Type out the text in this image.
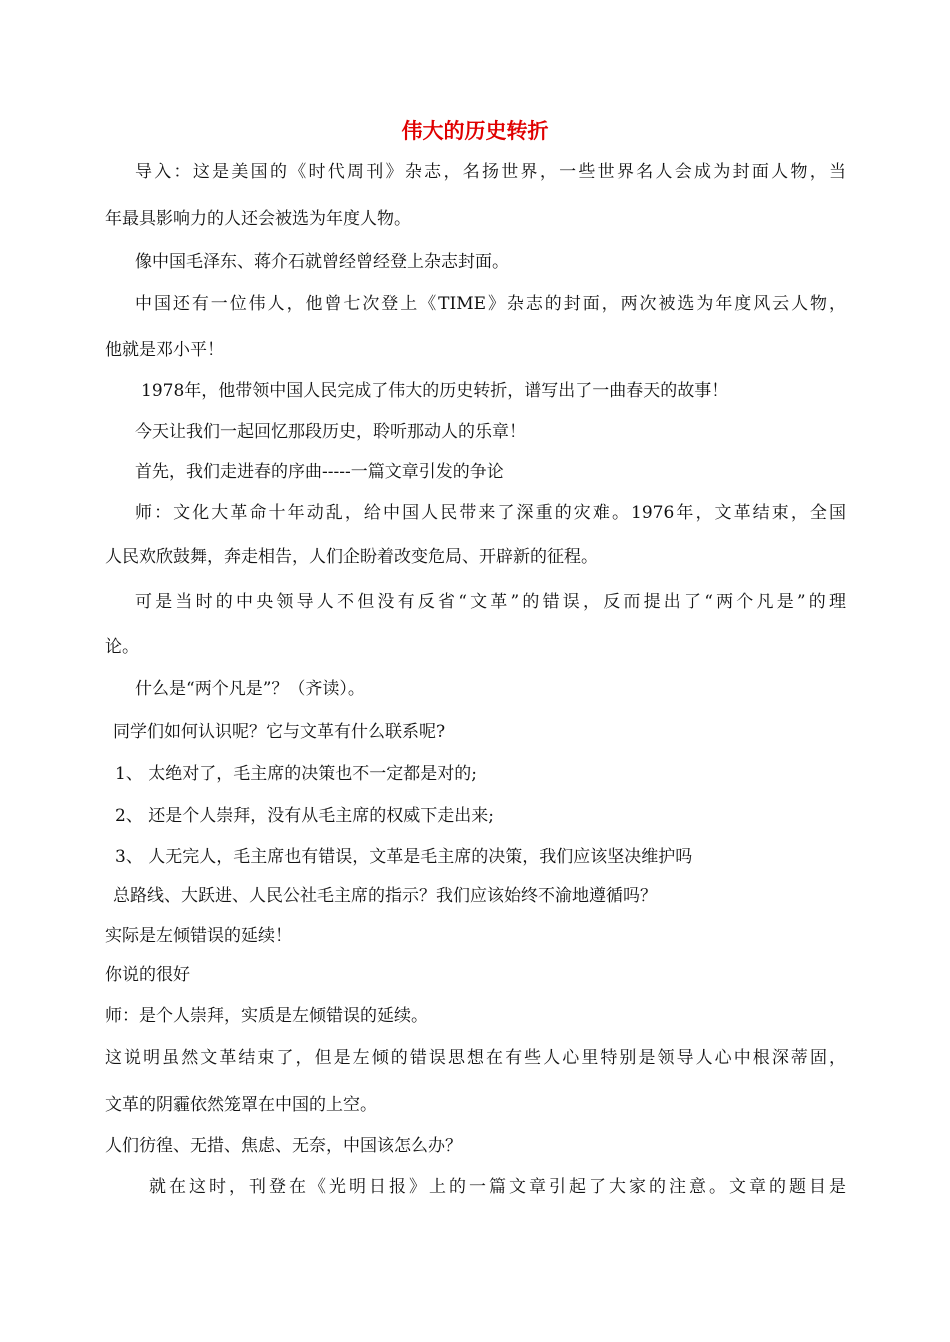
伟大的历史转折
导入：这是美国的《时代周刊》杂志，名扬世界，一些世界名人会成为封面人物，当
年最具影响力的人还会被选为年度人物。
像中国毛泽东、蒋介石就曾经曾经登上杂志封面。
中国还有一位伟人，他曾七次登上《TIME》杂志的封面，两次被选为年度风云人物，
他就是邓小平！
1978年，他带领中国人民完成了伟大的历史转折，谱写出了一曲春天的故事！
今天让我们一起回忆那段历史，聆听那动人的乐章！
首先，我们走进春的序曲-----一篇文章引发的争论
师：文化大革命十年动乱，给中国人民带来了深重的灾难。1976年，文革结束，全国
人民欢欣鼓舞，奔走相告，人们企盼着改变危局、开辟新的征程。
可是当时的中央领导人不但没有反省“文革”的错误，反而提出了“两个凡是”的理
论。
什么是“两个凡是”？（齐读）。
同学们如何认识呢？它与文革有什么联系呢?
1、 太绝对了，毛主席的决策也不一定都是对的;
2、 还是个人崇拜，没有从毛主席的权威下走出来;
3、 人无完人，毛主席也有错误，文革是毛主席的决策，我们应该坚决维护吗
总路线、大跃进、人民公社毛主席的指示？我们应该始终不渝地遵循吗？
实际是左倾错误的延续！
你说的很好
师：是个人崇拜，实质是左倾错误的延续。
这说明虽然文革结束了，但是左倾的错误思想在有些人心里特别是领导人心中根深蒂固，
文革的阴霾依然笼罩在中国的上空。
人们彷徨、无措、焦虑、无奈，中国该怎么办？
就在这时，刊登在《光明日报》上的一篇文章引起了大家的注意。文章的题目是
